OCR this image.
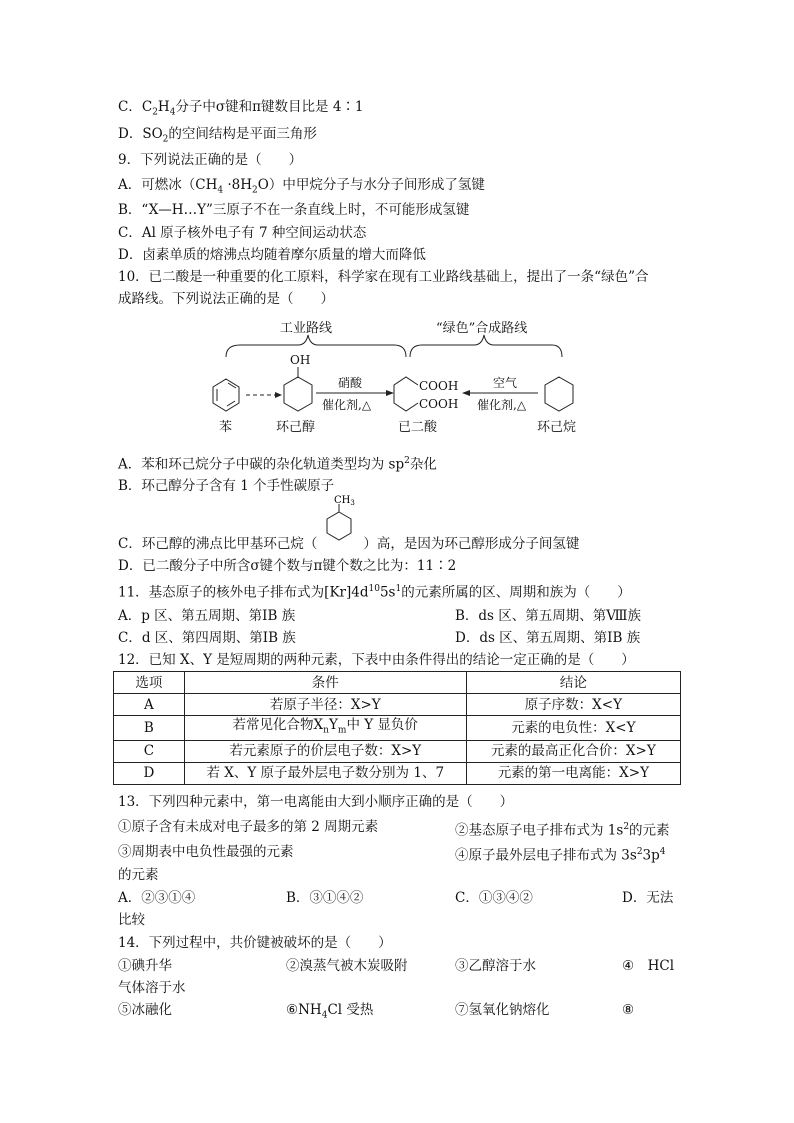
C．$C_2H_4$分子中σ键和π键数目比是 4∶1
D．$SO_2$的空间结构是平面三角形
9．下列说法正确的是（　　）
A．可燃冰$(CH_4 \cdot 8H_2O)$中甲烷分子与水分子间形成了氢键
B．“X—H…Y”三原子不在一条直线上时，不可能形成氢键
C．Al 原子核外电子有 7 种空间运动状态
D．卤素单质的熔沸点均随着摩尔质量的增大而降低
10．已二酸是一种重要的化工原料，科学家在现有工业路线基础上，提出了一条“绿色”合
成路线。下列说法正确的是（　　）
工业路线	“绿色”合成路线
OH
硝酸
催化剂,△
COOH
COOH
空气
催化剂,△
苯	环己醇	已二酸	环己烷
A．苯和环己烷分子中碳的杂化轨道类型均为 $sp^2$杂化
B．环己醇分子含有 1 个手性碳原子
$CH_3$
C．环己醇的沸点比甲基环己烷（	）高，是因为环己醇形成分子间氢键
D．已二酸分子中所含σ键个数与π键个数之比为：11∶2
11．基态原子的核外电子排布式为$[Kr]4d^{10}5s^1$的元素所属的区、周期和族为（　　）
A．p 区、第五周期、第ⅠB 族	B．ds 区、第五周期、第Ⅷ族
C．d 区、第四周期、第ⅠB 族	D．ds 区、第五周期、第ⅠB 族
12．已知 X、Y 是短周期的两种元素，下表中由条件得出的结论一定正确的是（　　）
选项	条件	结论
A	若原子半径：X>Y	原子序数：X<Y
B	若常见化合物$X_nY_m$中 Y 显负价	元素的电负性：X<Y
C	若元素原子的价层电子数：X>Y	元素的最高正化合价：X>Y
D	若 X、Y 原子最外层电子数分别为 1、7	元素的第一电离能：X>Y
13．下列四种元素中，第一电离能由大到小顺序正确的是（　　）
①原子含有未成对电子最多的第 2 周期元素	②基态原子电子排布式为 $1s^2$的元素
③周期表中电负性最强的元素	④原子最外层电子排布式为 $3s^23p^4$
的元素
A．②③①④	B．③①④②	C．①③④②	D．无法
比较
14．下列过程中，共价键被破坏的是（　　）
①碘升华	②溴蒸气被木炭吸附	③乙醇溶于水	④　HCl
气体溶于水
⑤冰融化	$⑥NH_4Cl$ 受热	⑦氢氧化钠熔化	⑧
